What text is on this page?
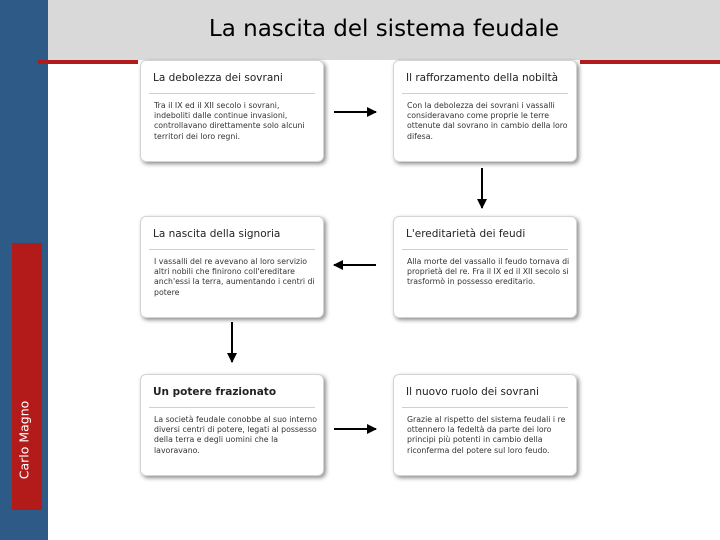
Carlo Magno
La nascita del sistema feudale
La debolezza dei sovrani
Tra il IX ed il XII secolo i sovrani, indeboliti dalle continue invasioni, controllavano direttamente solo alcuni territori dei loro regni.
Il rafforzamento della nobiltà
Con la debolezza dei sovrani i vassalli consideravano come proprie le terre ottenute dal sovrano in cambio della loro difesa.
La nascita della signoria
I vassalli del re avevano al loro servizio altri nobili che finirono coll'ereditare anch'essi la terra, aumentando i centri di potere
L'ereditarietà dei feudi
Alla morte del vassallo il feudo tornava di proprietà del re. Fra il IX ed il XII secolo si trasformò in possesso ereditario.
Un potere frazionato
La società feudale conobbe al suo interno diversi centri di potere, legati al possesso della terra e degli uomini che la lavoravano.
Il nuovo ruolo dei sovrani
Grazie al rispetto del sistema feudali i re ottennero la fedeltà da parte dei loro principi più potenti in cambio della riconferma del potere sul loro feudo.
